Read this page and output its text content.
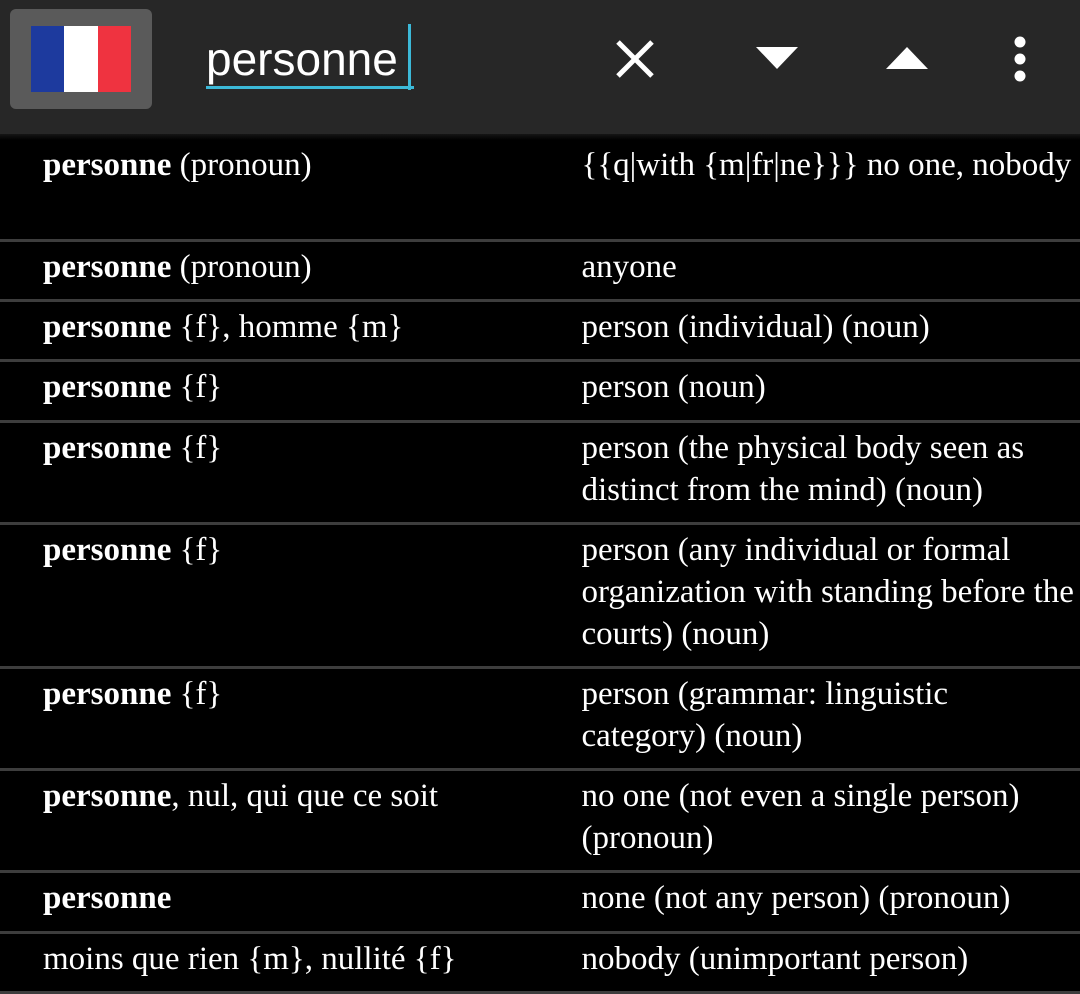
personne
personne (pronoun)	{{q|with {m|fr|ne}}} no one, nobody
personne (pronoun)	anyone
personne {f}, homme {m}	person (individual) (noun)
personne {f}	person (noun)
personne {f}	person (the physical body seen as distinct from the mind) (noun)
personne {f}	person (any individual or formal organization with standing before the courts) (noun)
personne {f}	person (grammar: linguistic category) (noun)
personne, nul, qui que ce soit	no one (not even a single person) (pronoun)
personne	none (not any person) (pronoun)
moins que rien {m}, nullité {f}	nobody (unimportant person)
